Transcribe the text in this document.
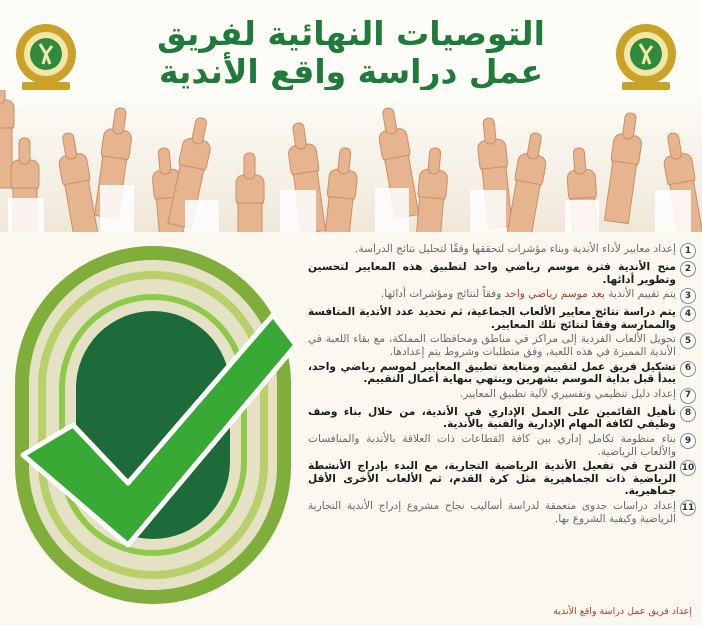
التوصيات النهائية لفريق
عمل دراسة واقع الأندية
1
إعداد معايير لأداء الأندية وبناء مؤشرات لتحققها وفقًا لتحليل نتائج الدراسة.
2
منح الأندية فترة موسم رياضي واحد لتطبيق هذه المعايير لتحسين وتطوير أدائها.
3
يتم تقييم الأندية بعد موسم رياضي واحد وفقاً لنتائج ومؤشرات أدائها.
4
يتم دراسة نتائج معايير الألعاب الجماعية، ثم تحديد عدد الأندية المنافسة والممارسة وفقاً لنتائج تلك المعايير.
5
تحويل الألعاب الفردية إلى مراكز في مناطق ومحافظات المملكة، مع بقاء اللعبة في الأندية المميزة في هذه اللعبة، وفق متطلبات وشروط يتم إعدادها.
6
تشكيل فريق عمل لتقييم ومتابعة تطبيق المعايير لموسم رياضي واحد، يبدأ قبل بداية الموسم بشهرين وينتهي بنهاية أعمال التقييم.
7
إعداد دليل تنظيمي وتفسيري لآلية تطبيق المعايير.
8
تأهيل القائمين على العمل الإداري في الأندية، من خلال بناء وصف وظيفي لكافة المهام الإدارية والفنية بالأندية.
9
بناء منظومة تكامل إداري بين كافة القطاعات ذات العلاقة بالأندية والمنافسات والألعاب الرياضية.
10
التدرج في تفعيل الأندية الرياضية التجارية، مع البدء بإدراج الأنشطة الرياضية ذات الجماهيرية مثل كرة القدم، ثم الألعاب الأخرى الأقل جماهيرية.
11
إعداد دراسات جدوى متعمقة لدراسة أساليب نجاح مشروع إدراج الأندية التجارية الرياضية وكيفية الشروع بها.
إعداد فريق عمل دراسة واقع الأندية
